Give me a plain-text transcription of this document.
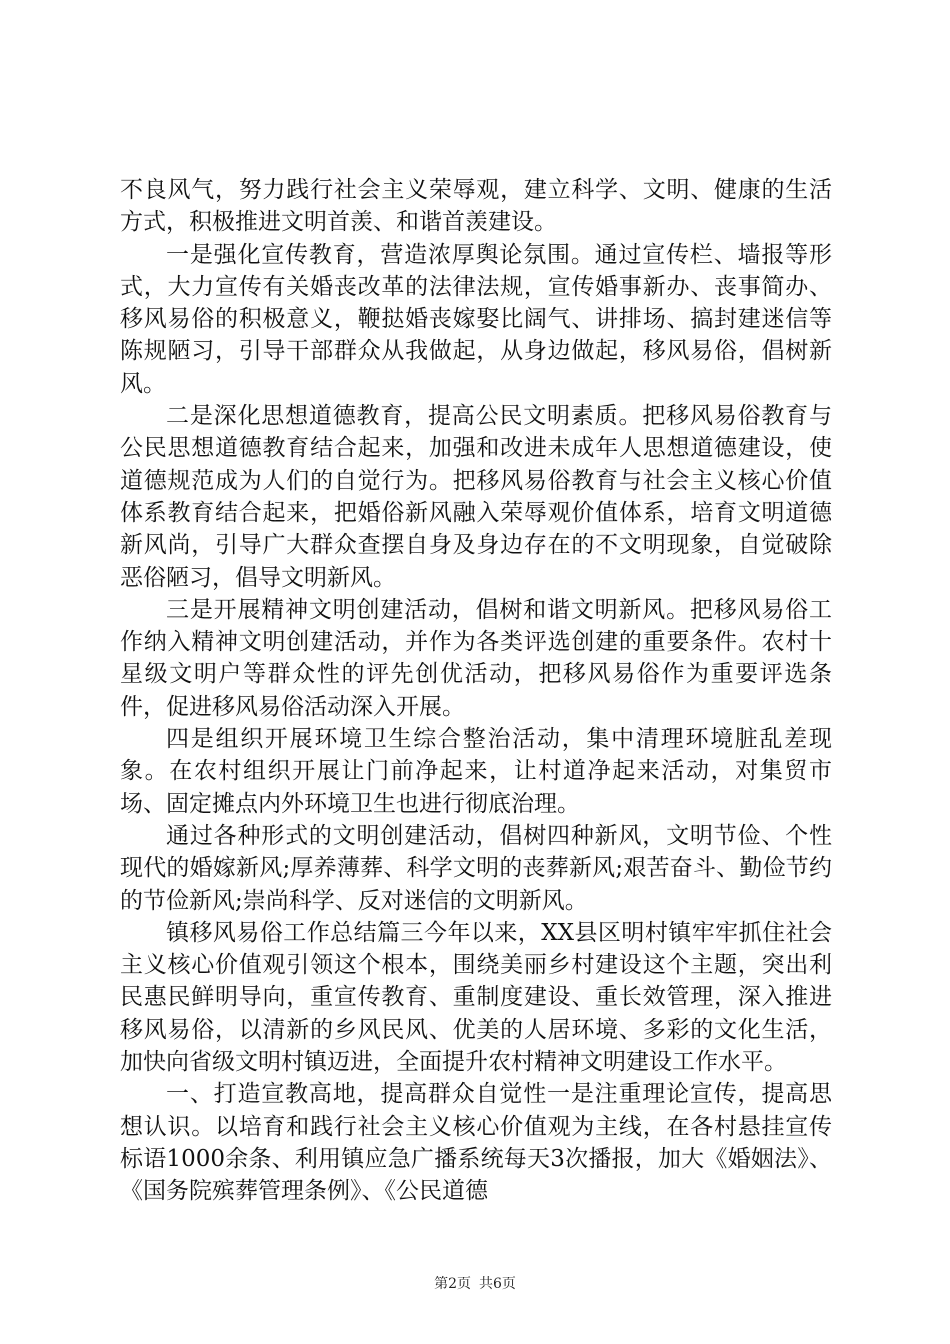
不良风气，努力践行社会主义荣辱观，建立科学、文明、健康的生活方式，积极推进文明首羡、和谐首羡建设。

一是强化宣传教育，营造浓厚舆论氛围。通过宣传栏、墙报等形式，大力宣传有关婚丧改革的法律法规，宣传婚事新办、丧事简办、移风易俗的积极意义，鞭挞婚丧嫁娶比阔气、讲排场、搞封建迷信等陈规陋习，引导干部群众从我做起，从身边做起，移风易俗，倡树新风。

二是深化思想道德教育，提高公民文明素质。把移风易俗教育与公民思想道德教育结合起来，加强和改进未成年人思想道德建设，使道德规范成为人们的自觉行为。把移风易俗教育与社会主义核心价值体系教育结合起来，把婚俗新风融入荣辱观价值体系，培育文明道德新风尚，引导广大群众查摆自身及身边存在的不文明现象，自觉破除恶俗陋习，倡导文明新风。

三是开展精神文明创建活动，倡树和谐文明新风。把移风易俗工作纳入精神文明创建活动，并作为各类评选创建的重要条件。农村十星级文明户等群众性的评先创优活动，把移风易俗作为重要评选条件，促进移风易俗活动深入开展。

四是组织开展环境卫生综合整治活动，集中清理环境脏乱差现象。在农村组织开展让门前净起来，让村道净起来活动，对集贸市场、固定摊点内外环境卫生也进行彻底治理。

通过各种形式的文明创建活动，倡树四种新风，文明节俭、个性现代的婚嫁新风;厚养薄葬、科学文明的丧葬新风;艰苦奋斗、勤俭节约的节俭新风;崇尚科学、反对迷信的文明新风。

镇移风易俗工作总结篇三今年以来，XX县区明村镇牢牢抓住社会主义核心价值观引领这个根本，围绕美丽乡村建设这个主题，突出利民惠民鲜明导向，重宣传教育、重制度建设、重长效管理，深入推进移风易俗，以清新的乡风民风、优美的人居环境、多彩的文化生活，加快向省级文明村镇迈进，全面提升农村精神文明建设工作水平。

一、打造宣教高地，提高群众自觉性一是注重理论宣传，提高思想认识。以培育和践行社会主义核心价值观为主线，在各村悬挂宣传标语1000余条、利用镇应急广播系统每天3次播报，加大《婚姻法》、《国务院殡葬管理条例》、《公民道德

第2页 共6页
